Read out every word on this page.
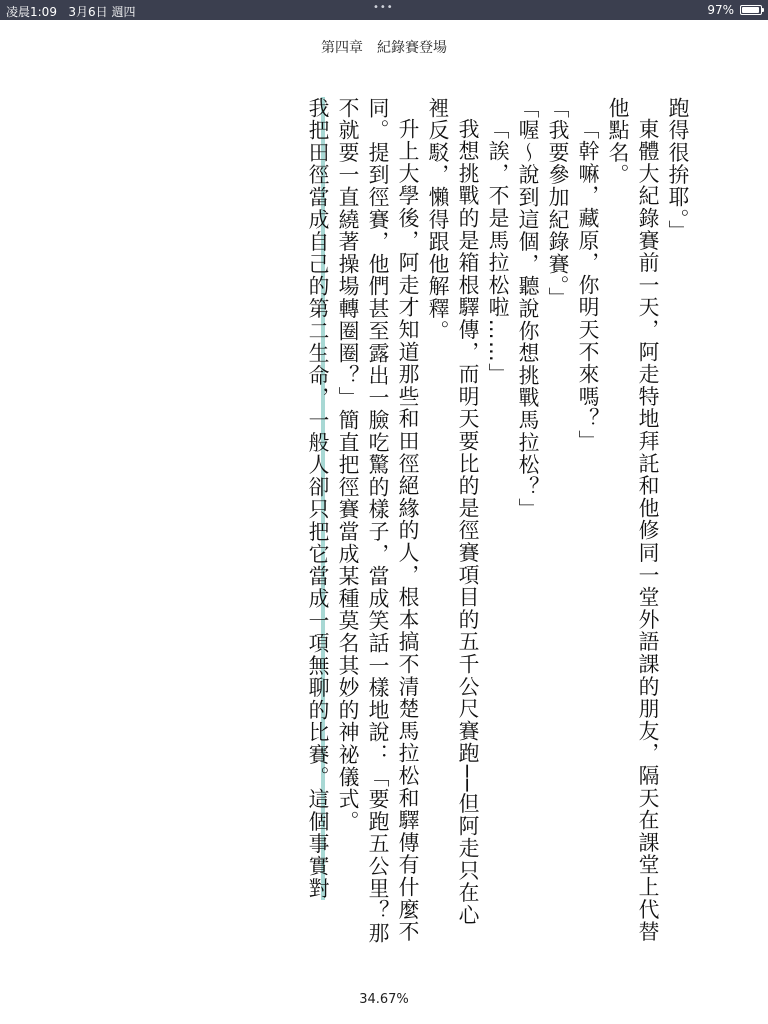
凌晨1:09 3月6日 週四	•••	97%
第四章　紀錄賽登場

跑得很拚耶。」

東體大紀錄賽前一天，阿走特地拜託和他修同一堂外語課的朋友，隔天在課堂上代替他點名。

「幹嘛，藏原，你明天不來嗎？」

「我要參加紀錄賽。」

「喔～說到這個，聽說你想挑戰馬拉松？」

「誒，不是馬拉松啦……」

我想挑戰的是箱根驛傳，而明天要比的是徑賽項目的五千公尺賽跑──但阿走只在心裡反駁，懶得跟他解釋。

升上大學後，阿走才知道那些和田徑絕緣的人，根本搞不清楚馬拉松和驛傳有什麼不同。提到徑賽，他們甚至露出一臉吃驚的樣子，當成笑話一樣地說：「要跑五公里？那不就要一直繞著操場轉圈圈？」簡直把徑賽當成某種莫名其妙的神祕儀式。

我把田徑當成自己的第二生命，一般人卻只把它當成一項無聊的比賽。這個事實對

34.67%
